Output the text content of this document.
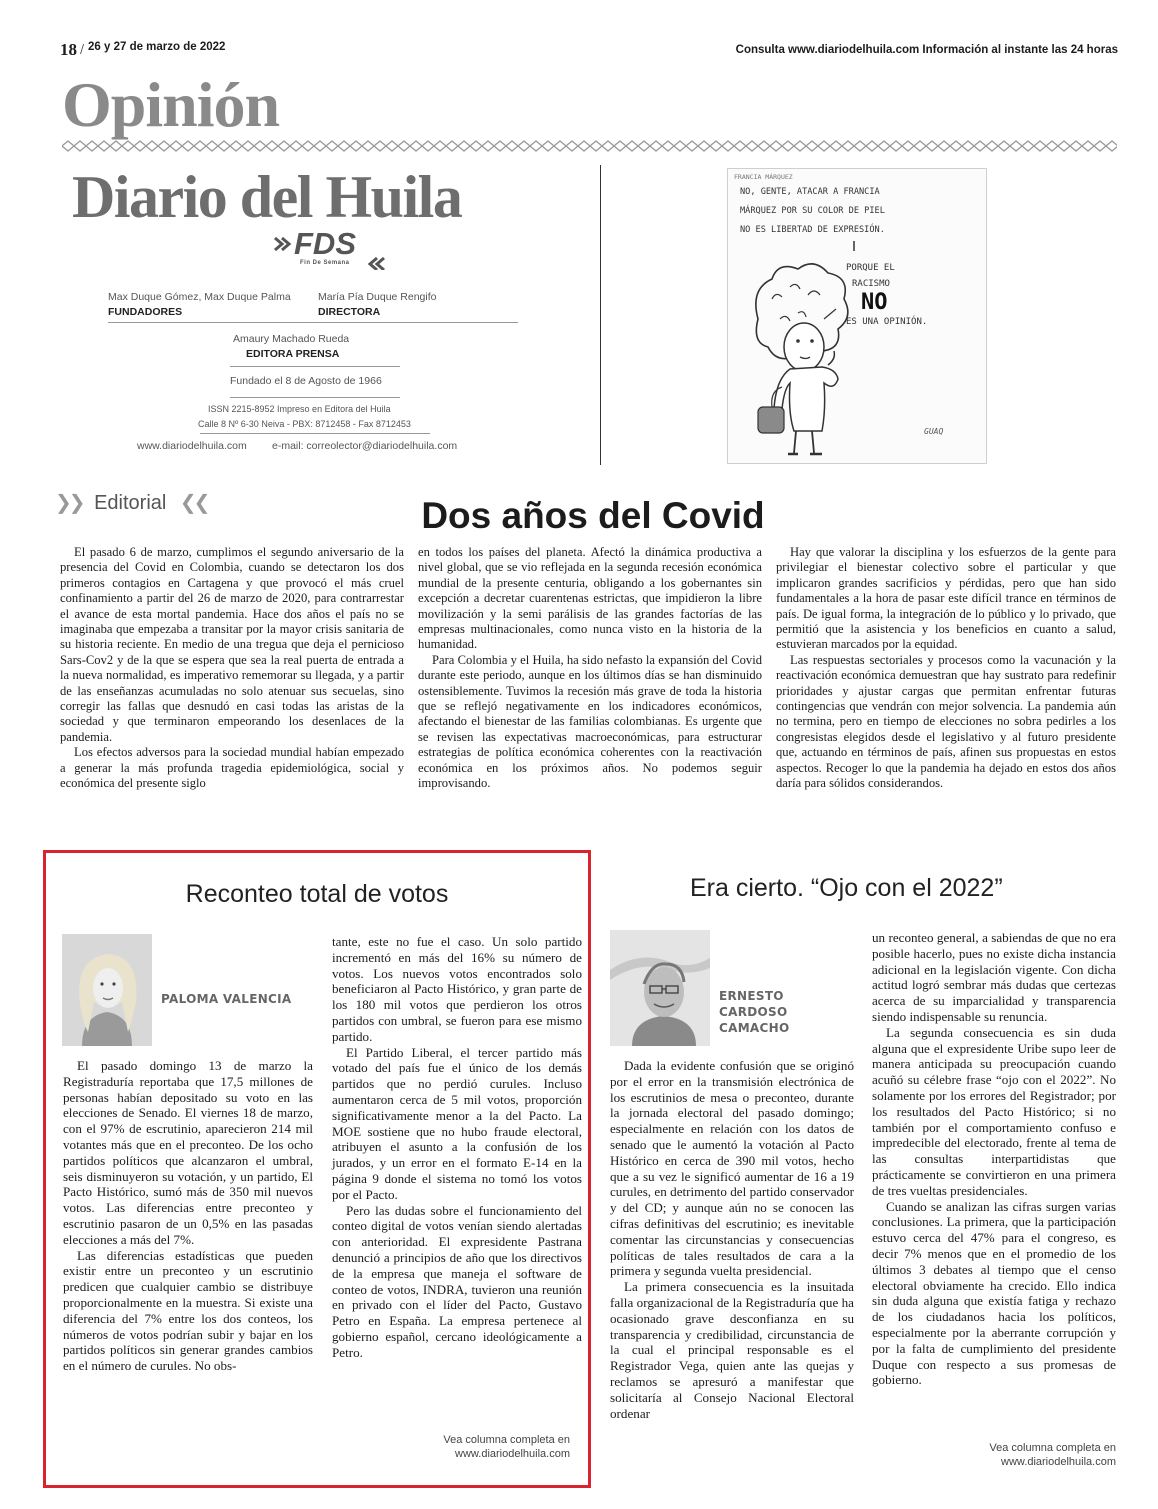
18 / 26 y 27 de marzo de 2022	Consulta www.diariodelhuila.com Información al instante las 24 horas
Opinión
Diario del Huila
FDS
Fin De Semana
Max Duque Gómez, Max Duque Palma
FUNDADORES
María Pía Duque Rengifo
DIRECTORA
Amaury Machado Rueda
EDITORA PRENSA
Fundado el 8 de Agosto de 1966
ISSN 2215-8952 Impreso en Editora del Huila
Calle 8 Nº 6-30 Neiva - PBX: 8712458 - Fax 8712453
www.diariodelhuila.com e-mail: correolector@diariodelhuila.com
FRANCIA MÁRQUEZ
NO, GENTE, ATACAR A FRANCIA
MÁRQUEZ POR SU COLOR DE PIEL
NO ES LIBERTAD DE EXPRESIÓN.
PORQUE EL
RACISMO
NO
ES UNA OPINIÓN.
GUAQ
❯❯ Editorial ❮❮	Dos años del Covid

El pasado 6 de marzo, cumplimos el segundo aniversario de la presencia del Covid en Colombia, cuando se detectaron los dos primeros contagios en Cartagena y que provocó el más cruel confinamiento a partir del 26 de marzo de 2020, para contrarrestar el avance de esta mortal pandemia. Hace dos años el país no se imaginaba que empezaba a transitar por la mayor crisis sanitaria de su historia reciente. En medio de una tregua que deja el pernicioso Sars-Cov2 y de la que se espera que sea la real puerta de entrada a la nueva normalidad, es imperativo rememorar su llegada, y a partir de las enseñanzas acumuladas no solo atenuar sus secuelas, sino corregir las fallas que desnudó en casi todas las aristas de la sociedad y que terminaron empeorando los desenlaces de la pandemia.

Los efectos adversos para la sociedad mundial habían empezado a generar la más profunda tragedia epidemiológica, social y económica del presente siglo

en todos los países del planeta. Afectó la dinámica productiva a nivel global, que se vio reflejada en la segunda recesión económica mundial de la presente centuria, obligando a los gobernantes sin excepción a decretar cuarentenas estrictas, que impidieron la libre movilización y la semi parálisis de las grandes factorías de las empresas multinacionales, como nunca visto en la historia de la humanidad.

Para Colombia y el Huila, ha sido nefasto la expansión del Covid durante este periodo, aunque en los últimos días se han disminuido ostensiblemente. Tuvimos la recesión más grave de toda la historia que se reflejó negativamente en los indicadores económicos, afectando el bienestar de las familias colombianas. Es urgente que se revisen las expectativas macroeconómicas, para estructurar estrategias de política económica coherentes con la reactivación económica en los próximos años. No podemos seguir improvisando.

Hay que valorar la disciplina y los esfuerzos de la gente para privilegiar el bienestar colectivo sobre el particular y que implicaron grandes sacrificios y pérdidas, pero que han sido fundamentales a la hora de pasar este difícil trance en términos de país. De igual forma, la integración de lo público y lo privado, que permitió que la asistencia y los beneficios en cuanto a salud, estuvieran marcados por la equidad.

Las respuestas sectoriales y procesos como la vacunación y la reactivación económica demuestran que hay sustrato para redefinir prioridades y ajustar cargas que permitan enfrentar futuras contingencias que vendrán con mejor solvencia. La pandemia aún no termina, pero en tiempo de elecciones no sobra pedirles a los congresistas elegidos desde el legislativo y al futuro presidente que, actuando en términos de país, afinen sus propuestas en estos aspectos. Recoger lo que la pandemia ha dejado en estos dos años daría para sólidos considerandos.

Reconteo total de votos
PALOMA VALENCIA

El pasado domingo 13 de marzo la Registraduría reportaba que 17,5 millones de personas habían depositado su voto en las elecciones de Senado. El viernes 18 de marzo, con el 97% de escrutinio, aparecieron 214 mil votantes más que en el preconteo. De los ocho partidos políticos que alcanzaron el umbral, seis disminuyeron su votación, y un partido, El Pacto Histórico, sumó más de 350 mil nuevos votos. Las diferencias entre preconteo y escrutinio pasaron de un 0,5% en las pasadas elecciones a más del 7%.

Las diferencias estadísticas que pueden existir entre un preconteo y un escrutinio predicen que cualquier cambio se distribuye proporcionalmente en la muestra. Si existe una diferencia del 7% entre los dos conteos, los números de votos podrían subir y bajar en los partidos políticos sin generar grandes cambios en el número de curules. No obs-

tante, este no fue el caso. Un solo partido incrementó en más del 16% su número de votos. Los nuevos votos encontrados solo beneficiaron al Pacto Histórico, y gran parte de los 180 mil votos que perdieron los otros partidos con umbral, se fueron para ese mismo partido.

El Partido Liberal, el tercer partido más votado del país fue el único de los demás partidos que no perdió curules. Incluso aumentaron cerca de 5 mil votos, proporción significativamente menor a la del Pacto. La MOE sostiene que no hubo fraude electoral, atribuyen el asunto a la confusión de los jurados, y un error en el formato E-14 en la página 9 donde el sistema no tomó los votos por el Pacto.

Pero las dudas sobre el funcionamiento del conteo digital de votos venían siendo alertadas con anterioridad. El expresidente Pastrana denunció a principios de año que los directivos de la empresa que maneja el software de conteo de votos, INDRA, tuvieron una reunión en privado con el líder del Pacto, Gustavo Petro en España. La empresa pertenece al gobierno español, cercano ideológicamente a Petro.

Vea columna completa en
www.diariodelhuila.com
Era cierto. “Ojo con el 2022”
ERNESTO
CARDOSO
CAMACHO

Dada la evidente confusión que se originó por el error en la transmisión electrónica de los escrutinios de mesa o preconteo, durante la jornada electoral del pasado domingo; especialmente en relación con los datos de senado que le aumentó la votación al Pacto Histórico en cerca de 390 mil votos, hecho que a su vez le significó aumentar de 16 a 19 curules, en detrimento del partido conservador y del CD; y aunque aún no se conocen las cifras definitivas del escrutinio; es inevitable comentar las circunstancias y consecuencias políticas de tales resultados de cara a la primera y segunda vuelta presidencial.

La primera consecuencia es la insuitada falla organizacional de la Registraduría que ha ocasionado grave desconfianza en su transparencia y credibilidad, circunstancia de la cual el principal responsable es el Registrador Vega, quien ante las quejas y reclamos se apresuró a manifestar que solicitaría al Consejo Nacional Electoral ordenar

un reconteo general, a sabiendas de que no era posible hacerlo, pues no existe dicha instancia adicional en la legislación vigente. Con dicha actitud logró sembrar más dudas que certezas acerca de su imparcialidad y transparencia siendo indispensable su renuncia.

La segunda consecuencia es sin duda alguna que el expresidente Uribe supo leer de manera anticipada su preocupación cuando acuñó su célebre frase “ojo con el 2022”. No solamente por los errores del Registrador; por los resultados del Pacto Histórico; si no también por el comportamiento confuso e impredecible del electorado, frente al tema de las consultas interpartidistas que prácticamente se convirtieron en una primera de tres vueltas presidenciales.

Cuando se analizan las cifras surgen varias conclusiones. La primera, que la participación estuvo cerca del 47% para el congreso, es decir 7% menos que en el promedio de los últimos 3 debates al tiempo que el censo electoral obviamente ha crecido. Ello indica sin duda alguna que existía fatiga y rechazo de los ciudadanos hacia los políticos, especialmente por la aberrante corrupción y por la falta de cumplimiento del presidente Duque con respecto a sus promesas de gobierno.

Vea columna completa en
www.diariodelhuila.com
